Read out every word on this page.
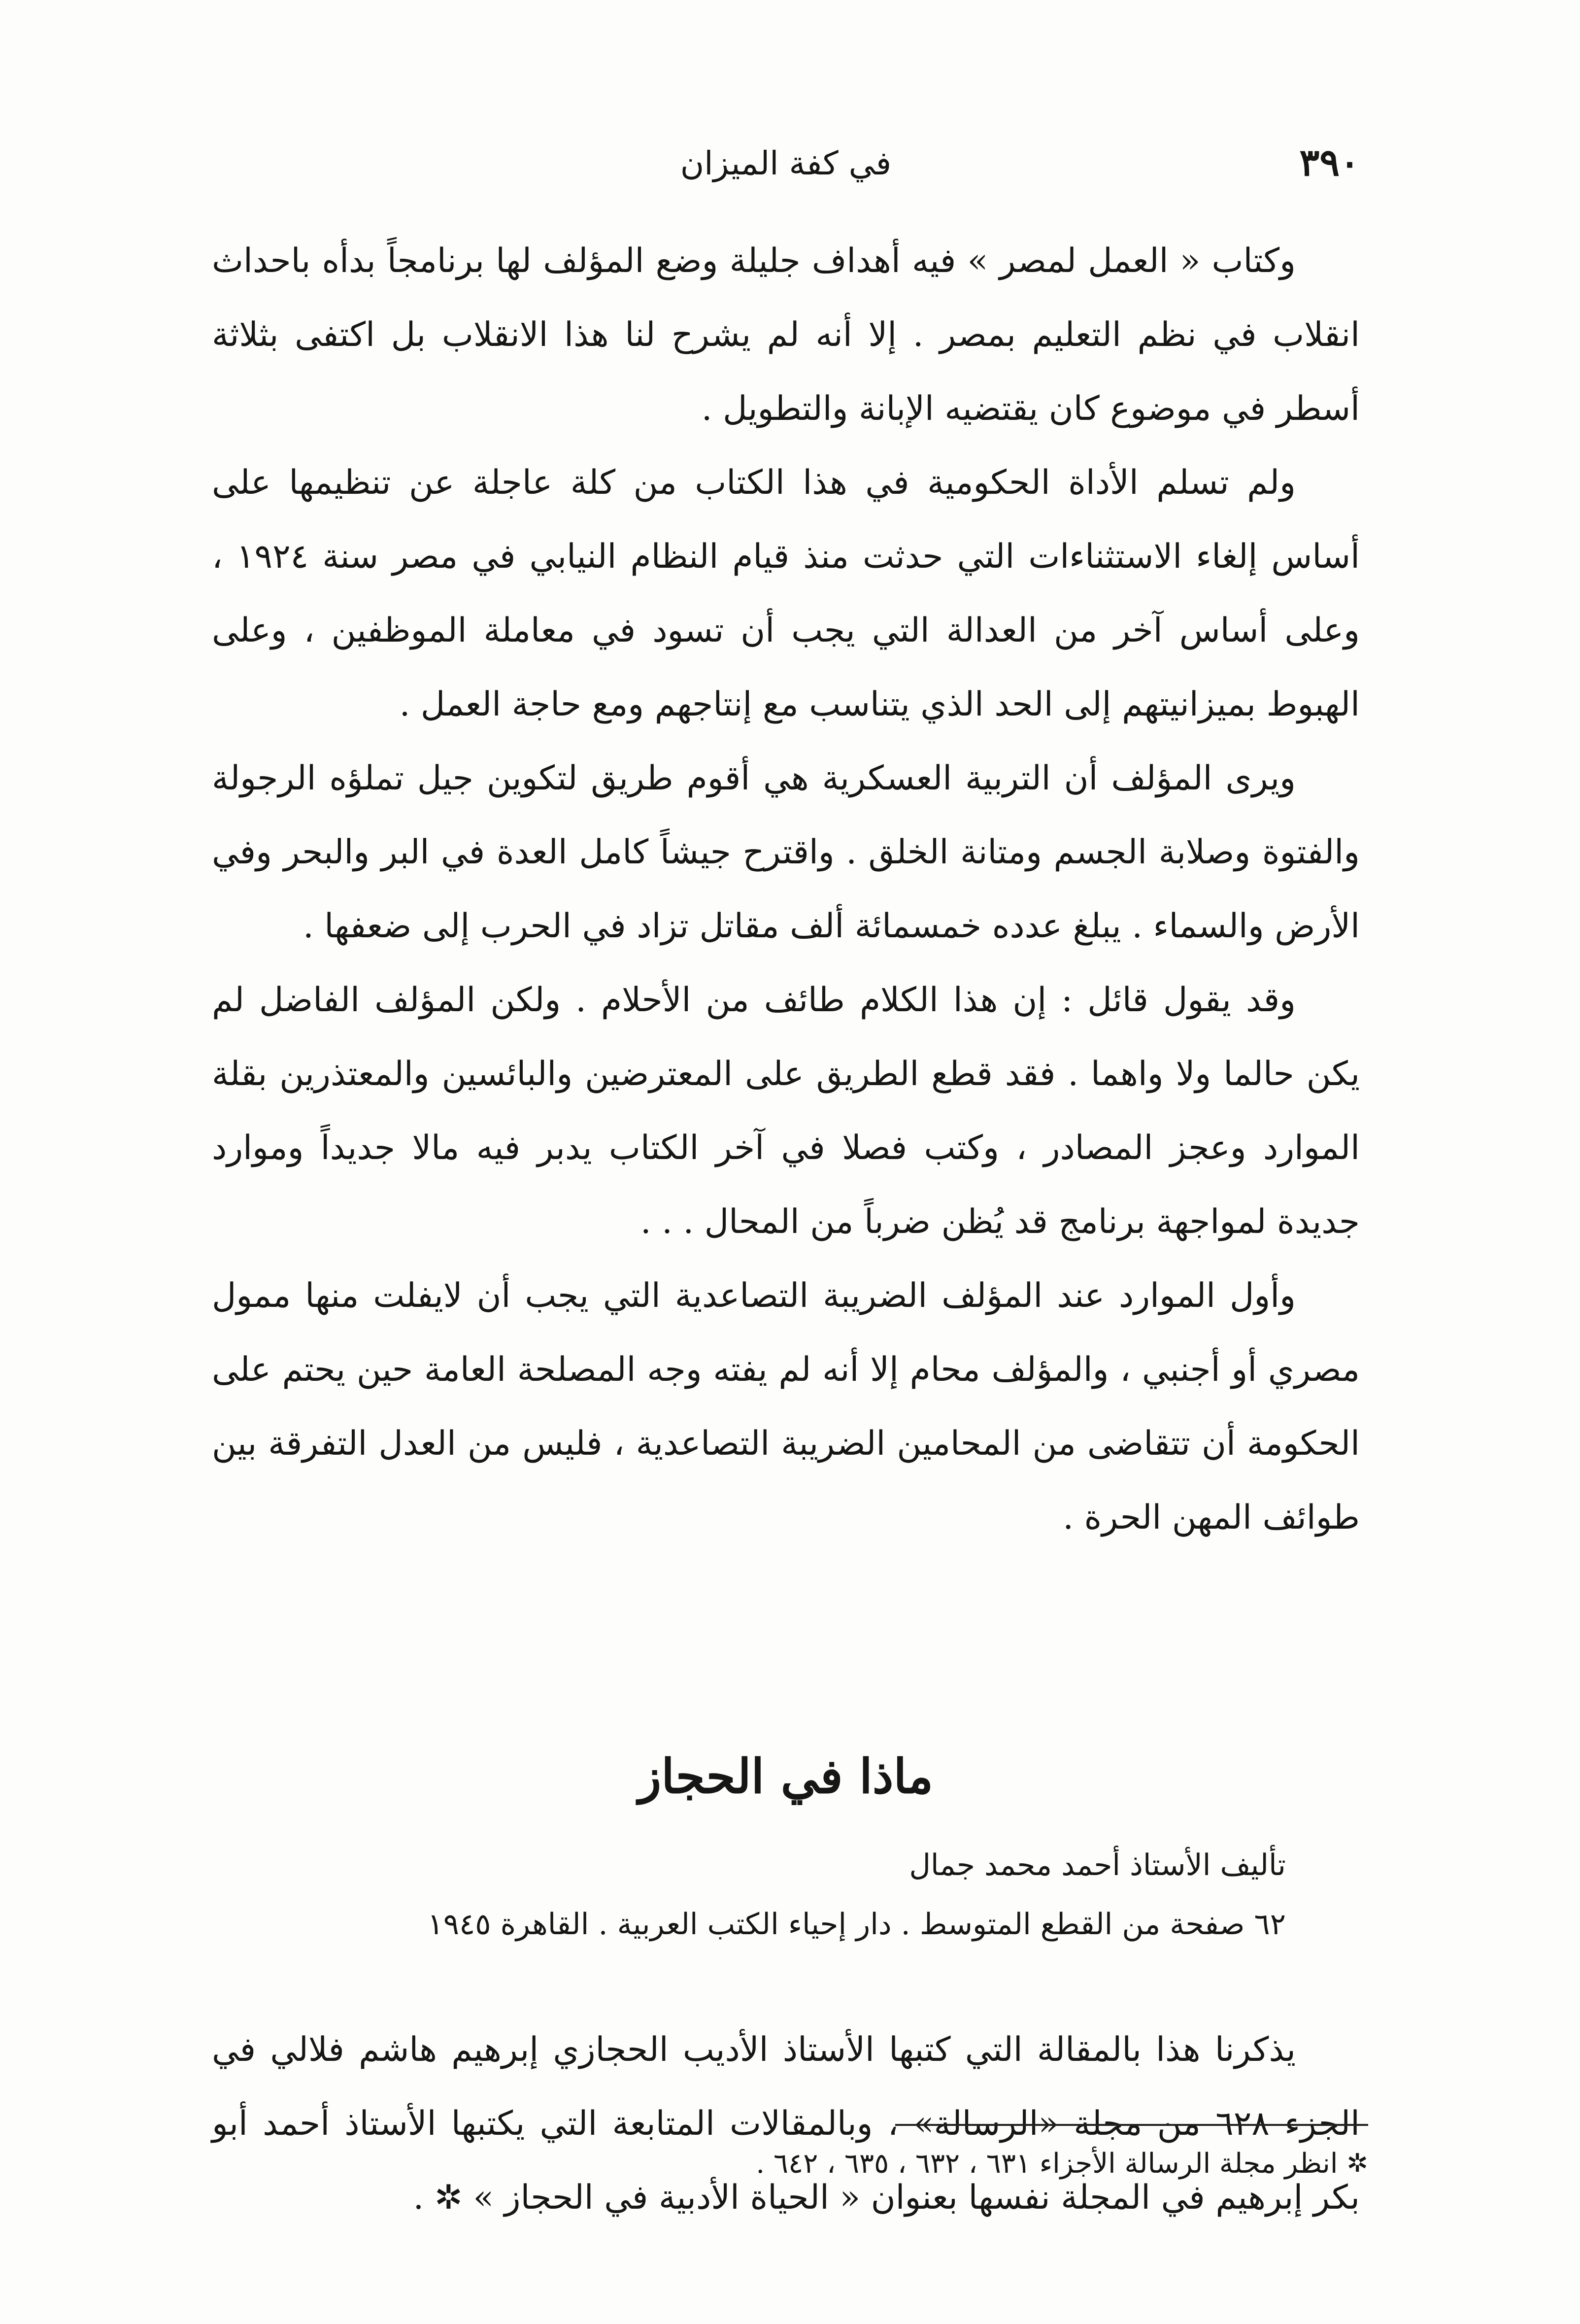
٣٩٠
في كفة الميزان

وكتاب « العمل لمصر » فيه أهداف جليلة وضع المؤلف لها برنامجاً بدأه باحداث انقلاب في نظم التعليم بمصر . إلا أنه لم يشرح لنا هذا الانقلاب بل اكتفى بثلاثة أسطر في موضوع كان يقتضيه الإبانة والتطويل .

ولم تسلم الأداة الحكومية في هذا الكتاب من كلة عاجلة عن تنظيمها على أساس إلغاء الاستثناءات التي حدثت منذ قيام النظام النيابي في مصر سنة ١٩٢٤ ، وعلى أساس آخر من العدالة التي يجب أن تسود في معاملة الموظفين ، وعلى الهبوط بميزانيتهم إلى الحد الذي يتناسب مع إنتاجهم ومع حاجة العمل .

ويرى المؤلف أن التربية العسكرية هي أقوم طريق لتكوين جيل تملؤه الرجولة والفتوة وصلابة الجسم ومتانة الخلق . واقترح جيشاً كامل العدة في البر والبحر وفي الأرض والسماء . يبلغ عدده خمسمائة ألف مقاتل تزاد في الحرب إلى ضعفها .

وقد يقول قائل : إن هذا الكلام طائف من الأحلام . ولكن المؤلف الفاضل لم يكن حالما ولا واهما . فقد قطع الطريق على المعترضين والبائسين والمعتذرين بقلة الموارد وعجز المصادر ، وكتب فصلا في آخر الكتاب يدبر فيه مالا جديداً وموارد جديدة لمواجهة برنامج قد يُظن ضرباً من المحال . . .

وأول الموارد عند المؤلف الضريبة التصاعدية التي يجب أن لايفلت منها ممول مصري أو أجنبي ، والمؤلف محام إلا أنه لم يفته وجه المصلحة العامة حين يحتم على الحكومة أن تتقاضى من المحامين الضريبة التصاعدية ، فليس من العدل التفرقة بين طوائف المهن الحرة .

ماذا في الحجاز

تأليف الأستاذ أحمد محمد جمال

٦٢ صفحة من القطع المتوسط . دار إحياء الكتب العربية . القاهرة ١٩٤٥

يذكرنا هذا بالمقالة التي كتبها الأستاذ الأديب الحجازي إبرهيم هاشم فلالي في الجزء ٦٢٨ من مجلة «الرسالة» ، وبالمقالات المتابعة التي يكتبها الأستاذ أحمد أبو بكر إبرهيم في المجلة نفسها بعنوان « الحياة الأدبية في الحجاز » ✲ .

✲انظر مجلة الرسالة الأجزاء ٦٣١ ، ٦٣٢ ، ٦٣٥ ، ٦٤٢ .
